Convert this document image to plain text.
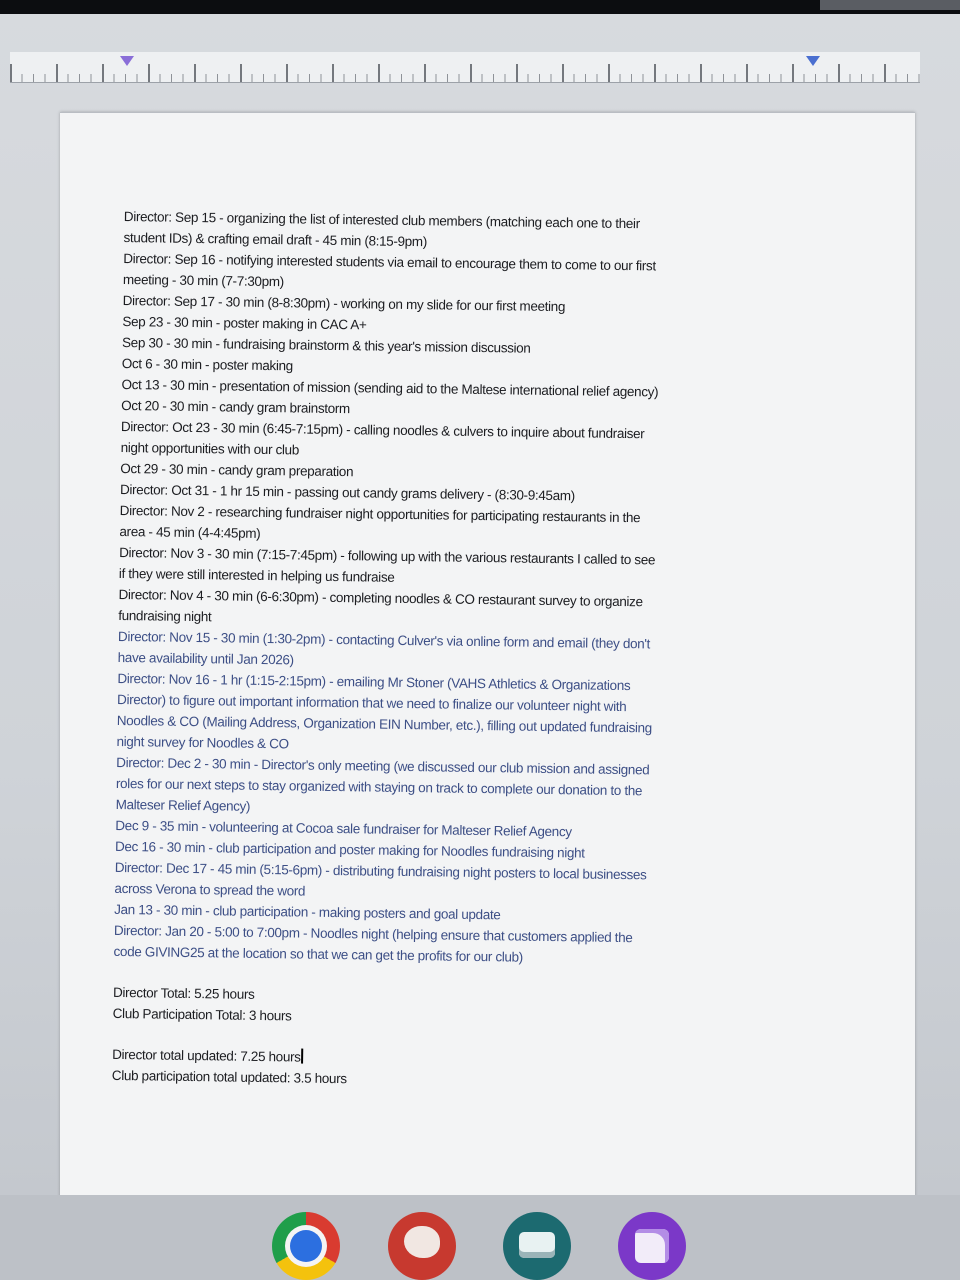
Director: Sep 15 - organizing the list of interested club members (matching each one to their
student IDs) & crafting email draft - 45 min (8:15-9pm)
Director: Sep 16 - notifying interested students via email to encourage them to come to our first
meeting - 30 min (7-7:30pm)
Director: Sep 17 - 30 min (8-8:30pm) - working on my slide for our first meeting
Sep 23 - 30 min - poster making in CAC A+
Sep 30 - 30 min - fundraising brainstorm & this year's mission discussion
Oct 6 - 30 min - poster making
Oct 13 - 30 min - presentation of mission (sending aid to the Maltese international relief agency)
Oct 20 - 30 min - candy gram brainstorm
Director: Oct 23 - 30 min (6:45-7:15pm) - calling noodles & culvers to inquire about fundraiser
night opportunities with our club
Oct 29 - 30 min - candy gram preparation
Director: Oct 31 - 1 hr 15 min - passing out candy grams delivery - (8:30-9:45am)
Director: Nov 2 - researching fundraiser night opportunities for participating restaurants in the
area - 45 min (4-4:45pm)
Director: Nov 3 - 30 min (7:15-7:45pm) - following up with the various restaurants I called to see
if they were still interested in helping us fundraise
Director: Nov 4 - 30 min (6-6:30pm) - completing noodles & CO restaurant survey to organize
fundraising night
Director: Nov 15 - 30 min (1:30-2pm) - contacting Culver's via online form and email (they don't
have availability until Jan 2026)
Director: Nov 16 - 1 hr (1:15-2:15pm) - emailing Mr Stoner (VAHS Athletics & Organizations
Director) to figure out important information that we need to finalize our volunteer night with
Noodles & CO (Mailing Address, Organization EIN Number, etc.), filling out updated fundraising
night survey for Noodles & CO
Director: Dec 2 - 30 min - Director's only meeting (we discussed our club mission and assigned
roles for our next steps to stay organized with staying on track to complete our donation to the
Malteser Relief Agency)
Dec 9 - 35 min - volunteering at Cocoa sale fundraiser for Malteser Relief Agency
Dec 16 - 30 min - club participation and poster making for Noodles fundraising night
Director: Dec 17 - 45 min (5:15-6pm) - distributing fundraising night posters to local businesses
across Verona to spread the word
Jan 13 - 30 min - club participation - making posters and goal update
Director: Jan 20 - 5:00 to 7:00pm - Noodles night (helping ensure that customers applied the
code GIVING25 at the location so that we can get the profits for our club)
Director Total: 5.25 hours
Club Participation Total: 3 hours
Director total updated: 7.25 hours
Club participation total updated: 3.5 hours
